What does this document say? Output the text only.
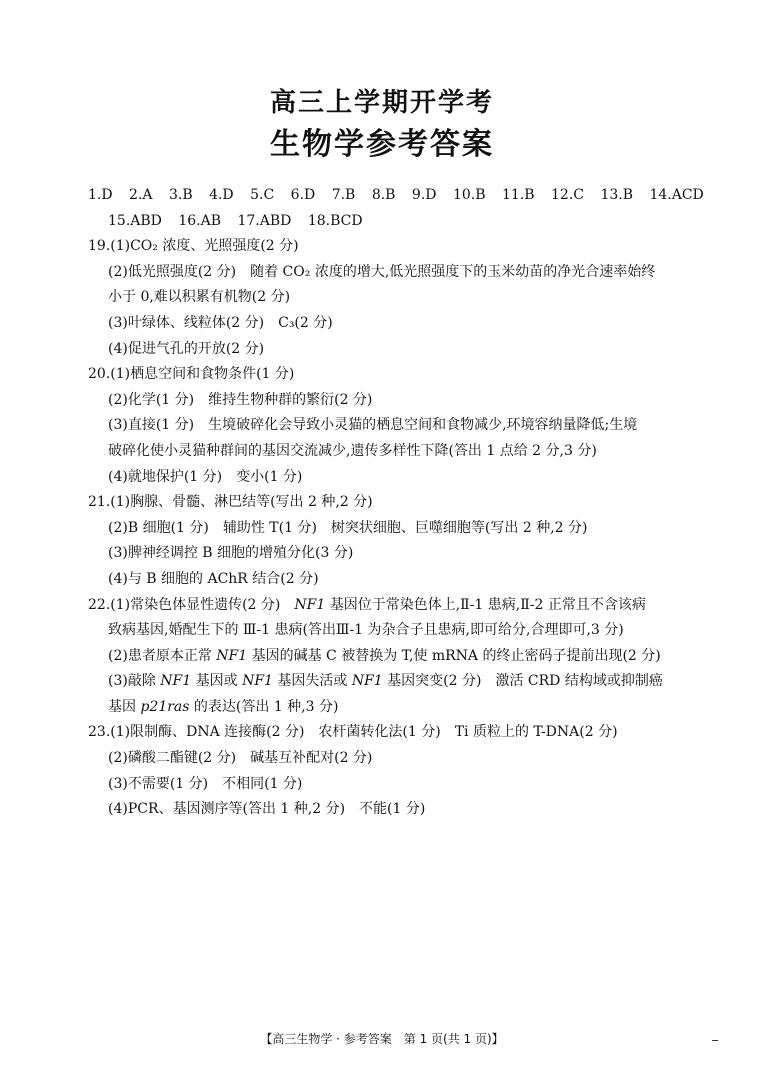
高三上学期开学考
生物学参考答案
1.D 2.A 3.B 4.D 5.C 6.D 7.B 8.B 9.D 10.B 11.B 12.C 13.B 14.ACD
15.ABD 16.AB 17.ABD 18.BCD
19.(1)CO₂ 浓度、光照强度(2 分)
(2)低光照强度(2 分)　随着 CO₂ 浓度的增大,低光照强度下的玉米幼苗的净光合速率始终
小于 0,难以积累有机物(2 分)
(3)叶绿体、线粒体(2 分)　C₃(2 分)
(4)促进气孔的开放(2 分)
20.(1)栖息空间和食物条件(1 分)
(2)化学(1 分)　维持生物种群的繁衍(2 分)
(3)直接(1 分)　生境破碎化会导致小灵猫的栖息空间和食物减少,环境容纳量降低;生境
破碎化使小灵猫种群间的基因交流减少,遗传多样性下降(答出 1 点给 2 分,3 分)
(4)就地保护(1 分)　变小(1 分)
21.(1)胸腺、骨髓、淋巴结等(写出 2 种,2 分)
(2)B 细胞(1 分)　辅助性 T(1 分)　树突状细胞、巨噬细胞等(写出 2 种,2 分)
(3)脾神经调控 B 细胞的增殖分化(3 分)
(4)与 B 细胞的 AChR 结合(2 分)
22.(1)常染色体显性遗传(2 分)　NF1 基因位于常染色体上,Ⅱ-1 患病,Ⅱ-2 正常且不含该病
致病基因,婚配生下的 Ⅲ-1 患病(答出Ⅲ-1 为杂合子且患病,即可给分,合理即可,3 分)
(2)患者原本正常 NF1 基因的碱基 C 被替换为 T,使 mRNA 的终止密码子提前出现(2 分)
(3)敲除 NF1 基因或 NF1 基因失活或 NF1 基因突变(2 分)　激活 CRD 结构域或抑制癌
基因 p21ras 的表达(答出 1 种,3 分)
23.(1)限制酶、DNA 连接酶(2 分)　农杆菌转化法(1 分)　Ti 质粒上的 T-DNA(2 分)
(2)磷酸二酯键(2 分)　碱基互补配对(2 分)
(3)不需要(1 分)　不相同(1 分)
(4)PCR、基因测序等(答出 1 种,2 分)　不能(1 分)
【高三生物学 · 参考答案　第 1 页(共 1 页)】
